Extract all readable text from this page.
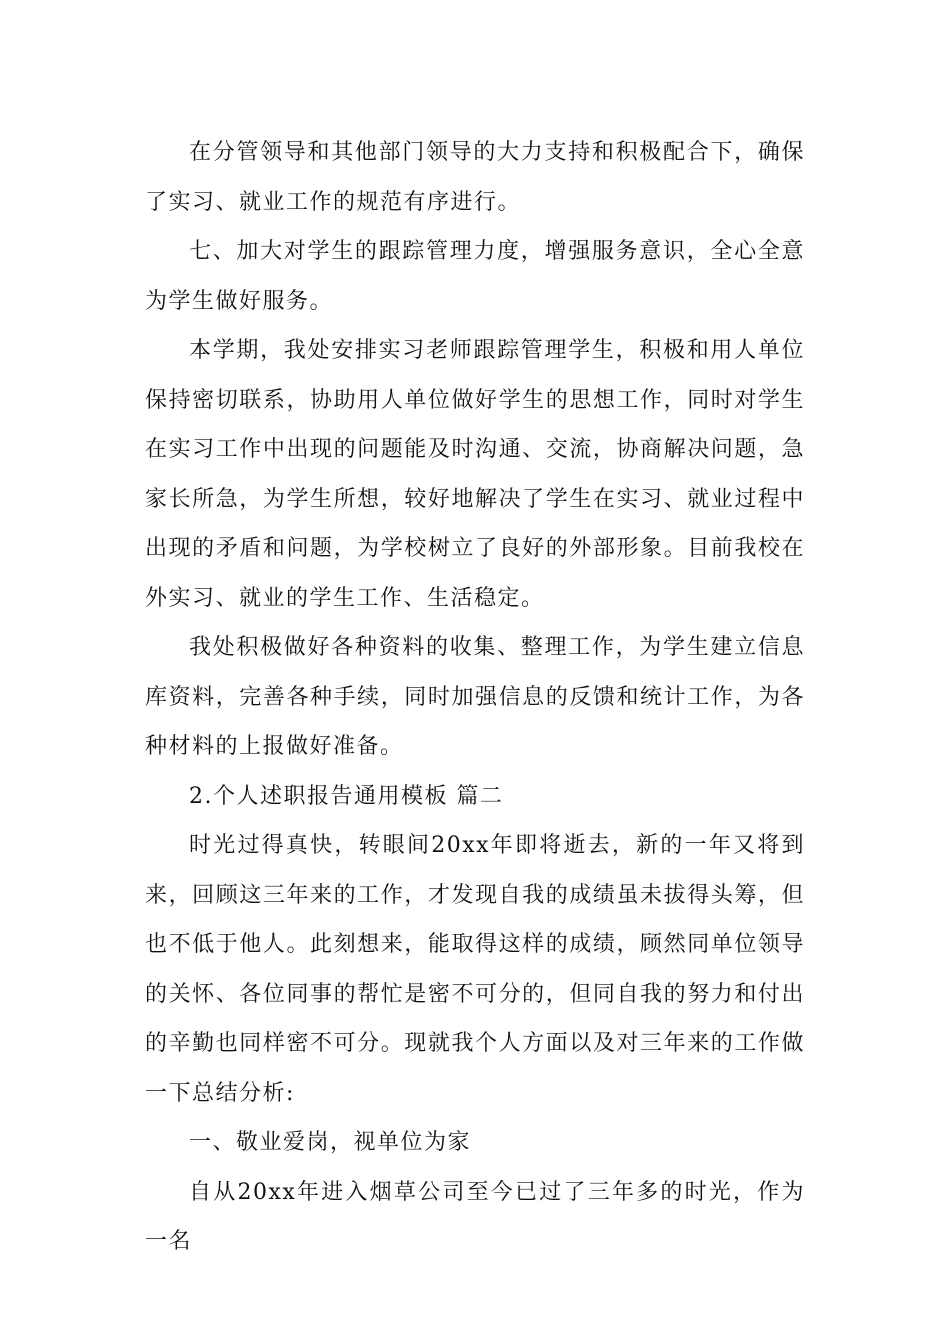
在分管领导和其他部门领导的大力支持和积极配合下，确保了实习、就业工作的规范有序进行。

七、加大对学生的跟踪管理力度，增强服务意识，全心全意为学生做好服务。

本学期，我处安排实习老师跟踪管理学生，积极和用人单位保持密切联系，协助用人单位做好学生的思想工作，同时对学生在实习工作中出现的问题能及时沟通、交流，协商解决问题，急家长所急，为学生所想，较好地解决了学生在实习、就业过程中出现的矛盾和问题，为学校树立了良好的外部形象。目前我校在外实习、就业的学生工作、生活稳定。

我处积极做好各种资料的收集、整理工作，为学生建立信息库资料，完善各种手续，同时加强信息的反馈和统计工作，为各种材料的上报做好准备。

2.个人述职报告通用模板 篇二

时光过得真快，转眼间20xx年即将逝去，新的一年又将到来，回顾这三年来的工作，才发现自我的成绩虽未拔得头筹，但也不低于他人。此刻想来，能取得这样的成绩，顾然同单位领导的关怀、各位同事的帮忙是密不可分的，但同自我的努力和付出的辛勤也同样密不可分。现就我个人方面以及对三年来的工作做一下总结分析:

一、敬业爱岗，视单位为家

自从20xx年进入烟草公司至今已过了三年多的时光，作为一名
